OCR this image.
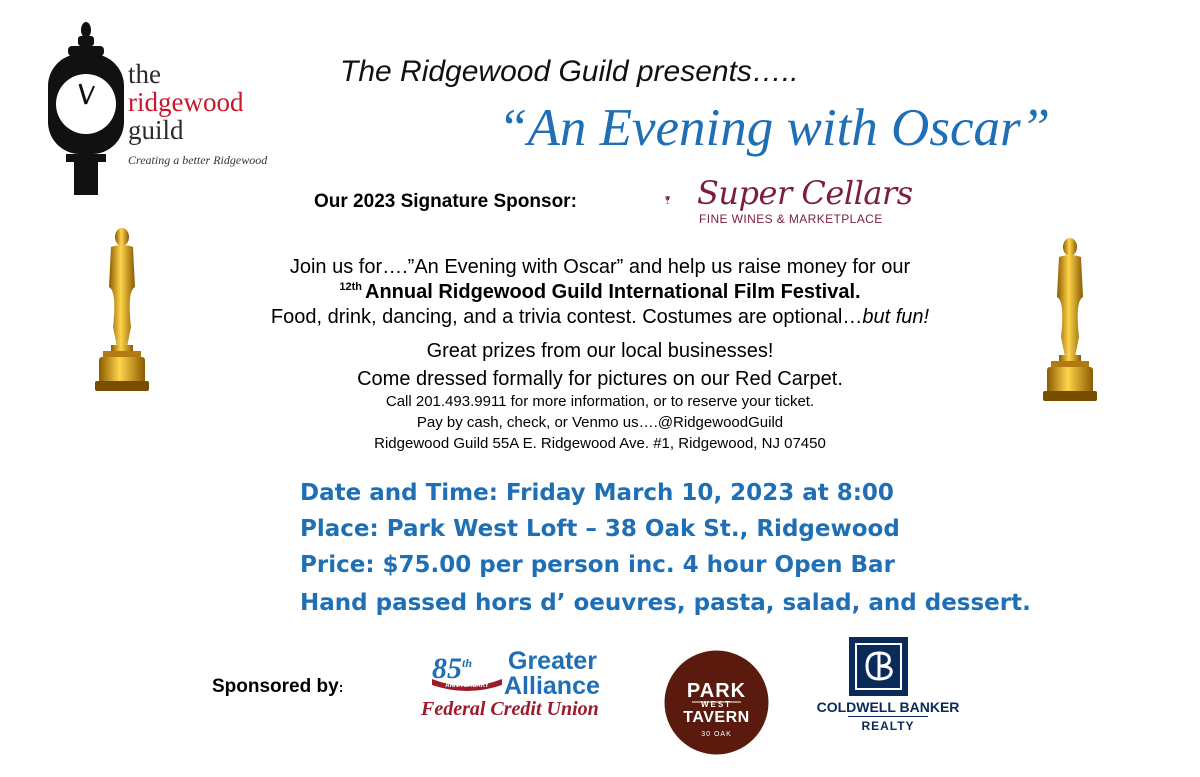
the
ridgewood
guild
Creating a better Ridgewood
The Ridgewood Guild presents…..
“An Evening with Oscar”
Our 2023 Signature Sponsor:	Super Cellars
FINE WINES & MARKETPLACE
Join us for….”An Evening with Oscar” and help us raise money for our
$^{12th}$ Annual Ridgewood Guild International Film Festival.
Food, drink, dancing, and a trivia contest. Costumes are optional…but fun!
Great prizes from our local businesses!
Come dressed formally for pictures on our Red Carpet.
Call 201.493.9911 for more information, or to reserve your ticket.
Pay by cash, check, or Venmo us….@RidgewoodGuild
Ridgewood Guild 55A E. Ridgewood Ave. #1, Ridgewood, NJ 07450
Date and Time: Friday March 10, 2023 at 8:00
Place: Park West Loft – 38 Oak St., Ridgewood
Price: $75.00 per person inc. 4 hour Open Bar
Hand passed hors d’ oeuvres, pasta, salad, and dessert.
Sponsored by:
85th
ANNIVERSARY
Greater
Alliance
Federal Credit Union
PARK
WEST
TAVERN
30 OAK
COLDWELL BANKER
REALTY
